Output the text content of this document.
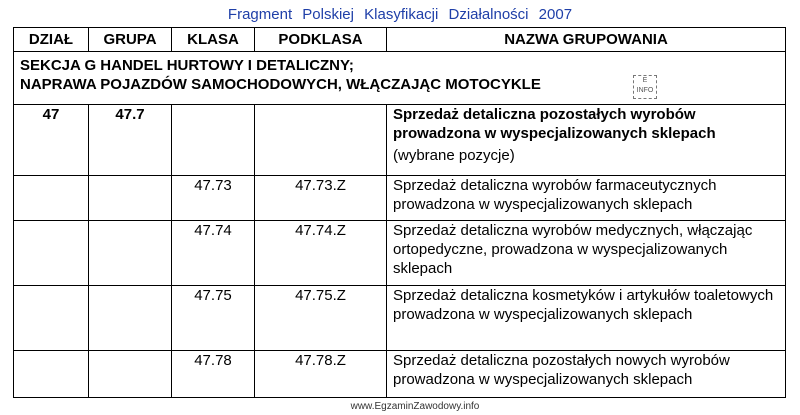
Fragment Polskiej Klasyfikacji Działalności 2007
DZIAŁ	GRUPA	KLASA	PODKLASA	NAZWA GRUPOWANIA

SEKCJA G HANDEL HURTOWY I DETALICZNY;
NAPRAWA POJAZDÓW SAMOCHODOWYCH, WŁĄCZAJĄC MOTOCYKLE E INFO				

47	47.7			Sprzedaż detaliczna pozostałych wyrobów prowadzona w wyspecjalizowanych sklepach
(wybrane pozycje)

		47.73	47.73.Z	Sprzedaż detaliczna wyrobów farmaceutycznych prowadzona w wyspecjalizowanych sklepach
		47.74	47.74.Z	Sprzedaż detaliczna wyrobów medycznych, włączając ortopedyczne, prowadzona w wyspecjalizowanych sklepach
		47.75	47.75.Z	Sprzedaż detaliczna kosmetyków i artykułów toaletowych prowadzona w wyspecjalizowanych sklepach
		47.78	47.78.Z	Sprzedaż detaliczna pozostałych nowych wyrobów prowadzona w wyspecjalizowanych sklepach
www.EgzaminZawodowy.info
